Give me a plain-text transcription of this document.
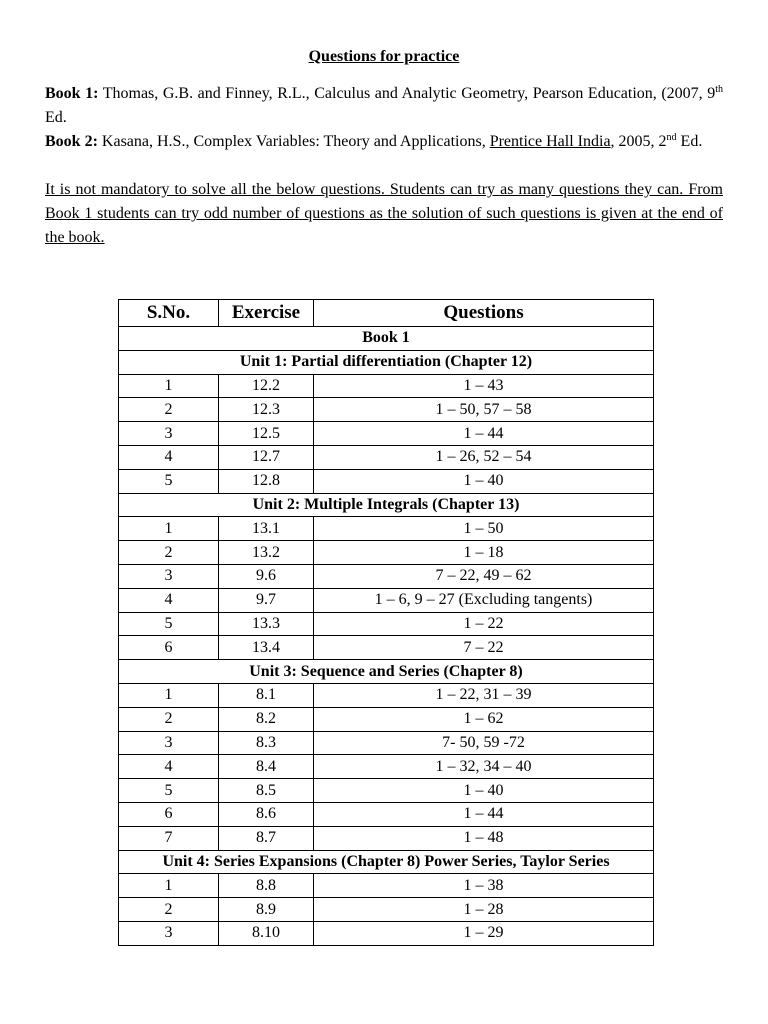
Questions for practice

Book 1: Thomas, G.B. and Finney, R.L., Calculus and Analytic Geometry, Pearson Education, (2007, 9th Ed.

Book 2: Kasana, H.S., Complex Variables: Theory and Applications, Prentice Hall India, 2005, 2nd Ed.

It is not mandatory to solve all the below questions. Students can try as many questions they can. From Book 1 students can try odd number of questions as the solution of such questions is given at the end of the book.

S.No.	Exercise	Questions
Book 1		
Unit 1: Partial differentiation (Chapter 12)		
1	12.2	1 – 43
2	12.3	1 – 50, 57 – 58
3	12.5	1 – 44
4	12.7	1 – 26, 52 – 54
5	12.8	1 – 40
Unit 2: Multiple Integrals (Chapter 13)		
1	13.1	1 – 50
2	13.2	1 – 18
3	9.6	7 – 22, 49 – 62
4	9.7	1 – 6, 9 – 27 (Excluding tangents)
5	13.3	1 – 22
6	13.4	7 – 22
Unit 3: Sequence and Series (Chapter 8)		
1	8.1	1 – 22, 31 – 39
2	8.2	1 – 62
3	8.3	7- 50, 59 -72
4	8.4	1 – 32, 34 – 40
5	8.5	1 – 40
6	8.6	1 – 44
7	8.7	1 – 48
Unit 4: Series Expansions (Chapter 8) Power Series, Taylor Series		
1	8.8	1 – 38
2	8.9	1 – 28
3	8.10	1 – 29
